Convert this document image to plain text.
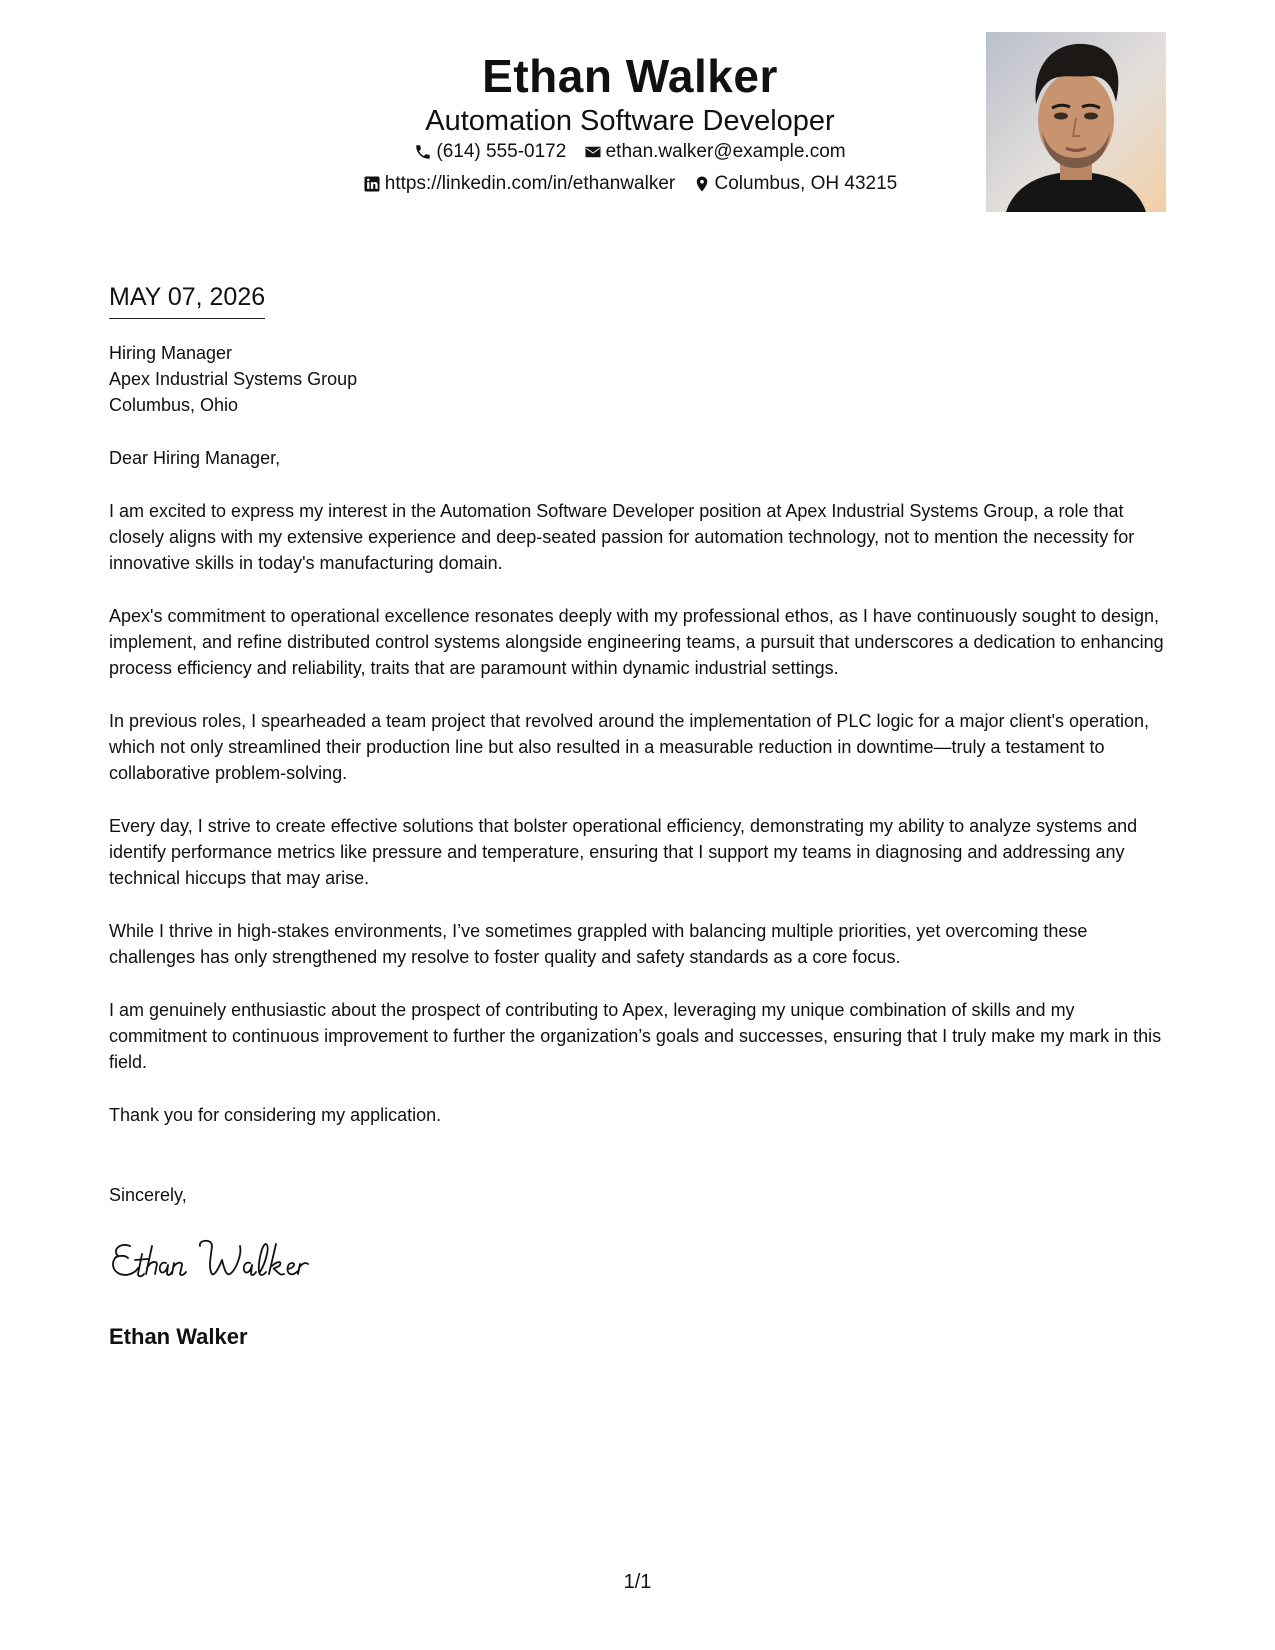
Ethan Walker
Automation Software Developer
(614) 555-0172
ethan.walker@example.com
https://linkedin.com/in/ethanwalker
Columbus, OH 43215
MAY 07, 2026
Hiring Manager
Apex Industrial Systems Group
Columbus, Ohio
Dear Hiring Manager,
I am excited to express my interest in the Automation Software Developer position at Apex Industrial Systems Group, a role that closely aligns with my extensive experience and deep-seated passion for automation technology, not to mention the necessity for innovative skills in today's manufacturing domain.
Apex's commitment to operational excellence resonates deeply with my professional ethos, as I have continuously sought to design, implement, and refine distributed control systems alongside engineering teams, a pursuit that underscores a dedication to enhancing process efficiency and reliability, traits that are paramount within dynamic industrial settings.
In previous roles, I spearheaded a team project that revolved around the implementation of PLC logic for a major client's operation, which not only streamlined their production line but also resulted in a measurable reduction in downtime—truly a testament to collaborative problem-solving.
Every day, I strive to create effective solutions that bolster operational efficiency, demonstrating my ability to analyze systems and identify performance metrics like pressure and temperature, ensuring that I support my teams in diagnosing and addressing any technical hiccups that may arise.
While I thrive in high-stakes environments, I’ve sometimes grappled with balancing multiple priorities, yet overcoming these challenges has only strengthened my resolve to foster quality and safety standards as a core focus.
I am genuinely enthusiastic about the prospect of contributing to Apex, leveraging my unique combination of skills and my commitment to continuous improvement to further the organization’s goals and successes, ensuring that I truly make my mark in this field.
Thank you for considering my application.
Sincerely,
Ethan Walker
1/1
